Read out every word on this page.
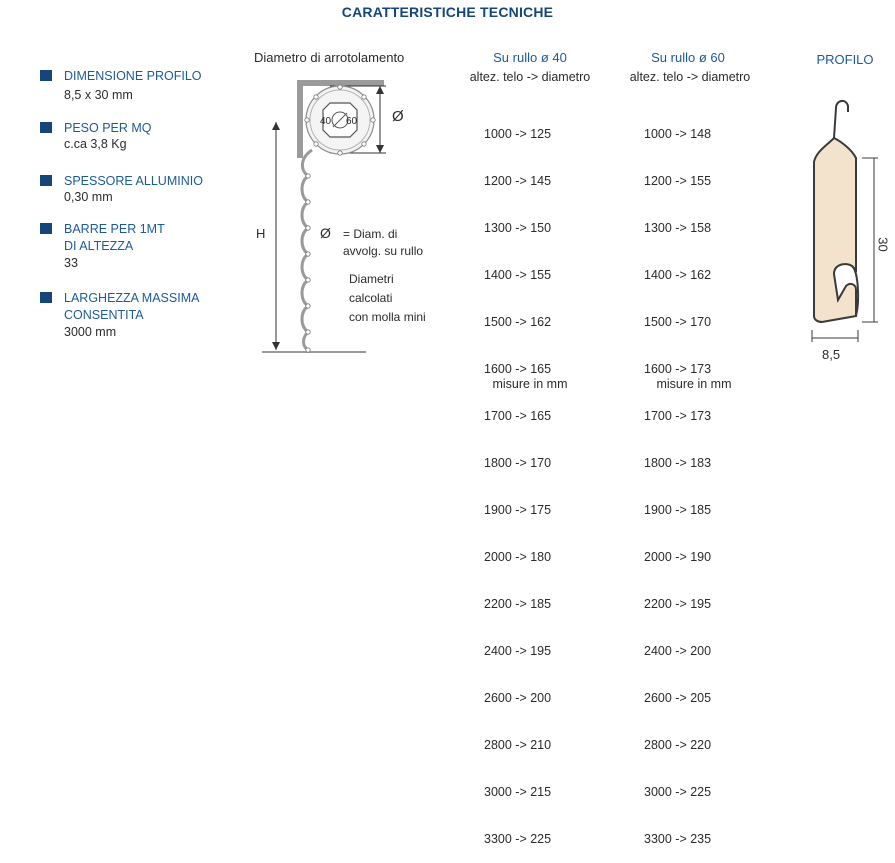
CARATTERISTICHE TECNICHE
DIMENSIONE PROFILO
8,5 x 30 mm
PESO PER MQ
c.ca 3,8 Kg
SPESSORE ALLUMINIO
0,30 mm
BARRE PER 1MT
DI ALTEZZA
33
LARGHEZZA MASSIMA
CONSENTITA
3000 mm
Diametro di arrotolamento
40 60 Ø
H	Ø = Diam. di
avvolg. su rullo
Diametri
calcolati
con molla mini
Su rullo ø 40
altez. telo -> diametro

1000 -> 125

1200 -> 145

1300 -> 150

1400 -> 155

1500 -> 162

1600 -> 165

1700 -> 165

1800 -> 170

1900 -> 175

2000 -> 180

2200 -> 185

2400 -> 195

2600 -> 200

2800 -> 210

3000 -> 215

3300 -> 225

misure in mm
Su rullo ø 60
altez. telo -> diametro

1000 -> 148

1200 -> 155

1300 -> 158

1400 -> 162

1500 -> 170

1600 -> 173

1700 -> 173

1800 -> 183

1900 -> 185

2000 -> 190

2200 -> 195

2400 -> 200

2600 -> 205

2800 -> 220

3000 -> 225

3300 -> 235

misure in mm
PROFILO
30
8,5
